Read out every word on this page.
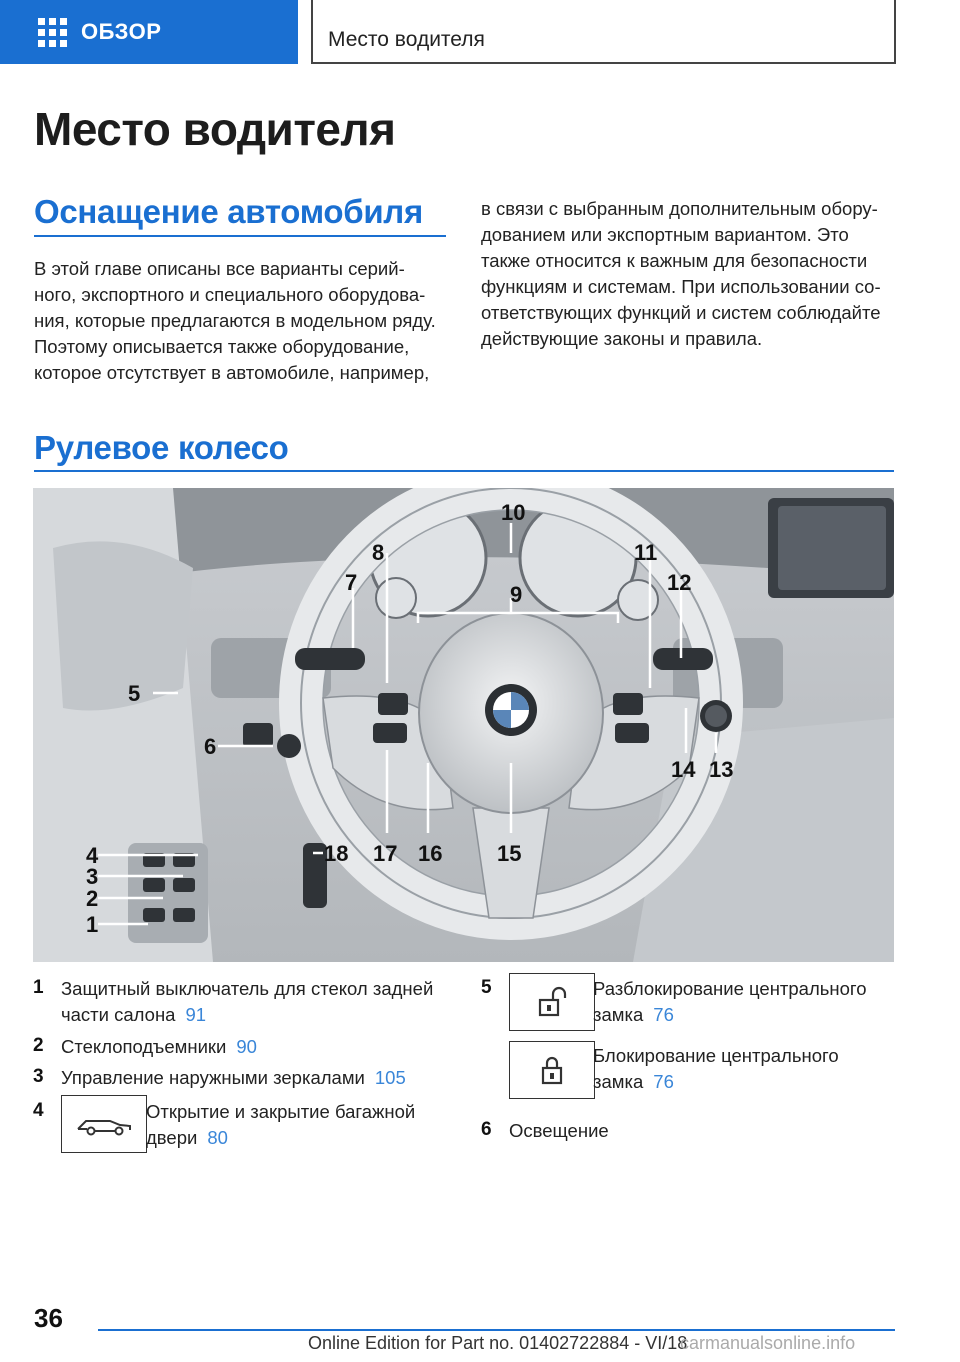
ОБЗОР	Место водителя
Место водителя
Оснащение автомобиля
В этой главе описаны все варианты серий‐
ного, экспортного и специального оборудова‐
ния, которые предлагаются в модельном ряду.
Поэтому описывается также оборудование,
которое отсутствует в автомобиле, например,
в связи с выбранным дополнительным обору‐
дованием или экспортным вариантом. Это
также относится к важным для безопасности
функциям и системам. При использовании со‐
ответствующих функций и систем соблюдайте
действующие законы и правила.
Рулевое колесо
10
8	11
7	12
9
5
6
14 13
4	18 17 16 15
3
2
1
1 Защитный выключатель для стекол задней
части салона 91
2 Стеклоподъемники 90
3 Управление наружными зеркалами 105
4	Открытие и закрытие багажной
двери 80
5	Разблокирование центрального
замка 76
Блокирование центрального
замка 76
6 Освещение
36
Online Edition for Part no. 01402722884 - VI/18
carmanualsonline.info
